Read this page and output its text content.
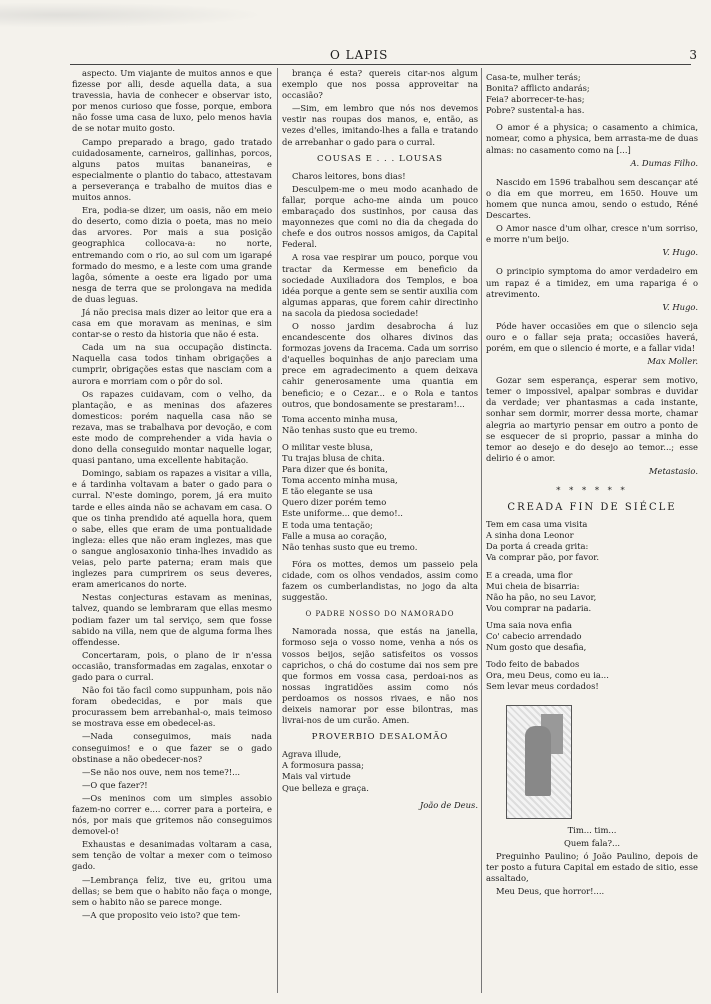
O LAPIS	3

aspecto. Um viajante de muitos annos e que fizesse por alli, desde aquella data, a sua travessia, havia de conhecer e observar isto, por menos curioso que fosse, porque, embora não fosse uma casa de luxo, pelo menos havia de se notar muito gosto.

Campo preparado a brago, gado tratado cuidadosamente, carneiros, gallinhas, porcos, alguns patos muitas bananeiras, e especialmente o plantio do tabaco, attestavam a perseverança e trabalho de muitos dias e muitos annos.

Era, podia-se dizer, um oasis, não em meio do deserto, como dizia o poeta, mas no meio das arvores. Por mais a sua posição geographica collocava-a: no norte, entremando com o rio, ao sul com um igarapé formado do mesmo, e a leste com uma grande lagôa, sómente a oeste era ligado por uma nesga de terra que se prolongava na medida de duas leguas.

Já não precisa mais dizer ao leitor que era a casa em que moravam as meninas, e sim contar-se o resto da historia que não é esta.

Cada um na sua occupação distincta. Naquella casa todos tinham obrigações a cumprir, obrigações estas que nasciam com a aurora e morriam com o pôr do sol.

Os rapazes cuidavam, com o velho, da plantação, e as meninas dos afazeres domesticos: porém naquella casa não se rezava, mas se trabalhava por devoção, e com este modo de comprehender a vida havia o dono della conseguido montar naquelle logar, quasi pantano, uma excellente habitação.

Domingo, sabiam os rapazes a visitar a villa, e á tardinha voltavam a bater o gado para o curral. N'este domingo, porem, já era muito tarde e elles ainda não se achavam em casa. O que os tinha prendido até aquella hora, quem o sabe, elles que eram de uma pontualidade ingleza: elles que não eram inglezes, mas que o sangue anglosaxonio tinha-lhes invadido as veias, pelo parte paterna; eram mais que inglezes para cumprirem os seus deveres, eram americanos do norte.

Nestas conjecturas estavam as meninas, talvez, quando se lembraram que ellas mesmo podiam fazer um tal serviço, sem que fosse sabido na villa, nem que de alguma forma lhes offendesse.

Concertaram, pois, o plano de ir n'essa occasião, transformadas em zagalas, enxotar o gado para o curral.

Não foi tão facil como suppunham, pois não foram obedecidas, e por mais que procurassem bem arrebanhal-o, mais teimoso se mostrava esse em obedecel-as.

—Nada conseguimos, mais nada conseguimos! e o que fazer se o gado obstinase a não obedecer-nos?

—Se não nos ouve, nem nos teme?!...

—O que fazer?!

—Os meninos com um simples assobio fazem-no correr e.... correr para a porteira, e nós, por mais que gritemos não conseguimos demovel-o!

Exhaustas e desanimadas voltaram a casa, sem tenção de voltar a mexer com o teimoso gado.

—Lembrança feliz, tive eu, gritou uma dellas; se bem que o habito não faça o monge, sem o habito não se parece monge.

—A que proposito veio isto? que tem-

brança é esta? quereis citar-nos algum exemplo que nos possa approveitar na occasião?

—Sim, em lembro que nós nos devemos vestir nas roupas dos manos, e, então, as vezes d'elles, imitando-lhes a falla e tratando de arrebanhar o gado para o curral.

COUSAS E . . . LOUSAS

Charos leitores, bons dias!

Desculpem-me o meu modo acanhado de fallar, porque acho-me ainda um pouco embaraçado dos sustinhos, por causa das mayonnezes que comi no dia da chegada do chefe e dos outros nossos amigos, da Capital Federal.

A rosa vae respirar um pouco, porque vou tractar da Kermesse em beneficio da sociedade Auxiliadora dos Templos, e boa idéa porque a gente sem se sentir auxilia com algumas apparas, que forem cahir directinho na sacola da piedosa sociedade!

O nosso jardim desabrocha á luz encandescente dos olhares divinos das formozas jovens da Iracema. Cada um sorriso d'aquelles boquinhas de anjo pareciam uma prece em agradecimento a quem deixava cahir generosamente uma quantia em beneficio; e o Cezar... e o Rola e tantos outros, que bondosamente se prestaram!...

Toma accento minha musa,
Não tenhas susto que eu tremo.
O militar veste blusa,
Tu trajas blusa de chita.
Para dizer que és bonita,
Toma accento minha musa,
E tão elegante se usa
Quero dizer porém temo
Este uniforme... que demo!..
E toda uma tentação;
Falle a musa ao coração,
Não tenhas susto que eu tremo.

Fóra os mottes, demos um passeio pela cidade, com os olhos vendados, assim como fazem os cumberlandistas, no jogo da alta suggestão.

O PADRE NOSSO DO NAMORADO

Namorada nossa, que estás na janella, formoso seja o vosso nome, venha a nós os vossos beijos, sejão satisfeitos os vossos caprichos, o chá do costume dai nos sem pre que formos em vossa casa, perdoai-nos as nossas ingratidões assim como nós perdoamos os nossos rivaes, e não nos deixeis namorar por esse bilontras, mas livrai-nos de um curão. Amen.

PROVERBIO DESALOMÃO
Agrava illude,
A formosura passa;
Mais val virtude
Que belleza e graça.
João de Deus.
Casa-te, mulher terás;
Bonita? afflicto andarás;
Feia? aborrecer-te-has;
Pobre? sustental-a has.

O amor é a physica; o casamento a chimica, nomear, como a physica, bem arrasta-me de duas almas: no casamento como na [...]

A. Dumas Filho.

Nascido em 1596 trabalhou sem descançar até o dia em que morreu, em 1650. Houve um homem que nunca amou, sendo o estudo, Réné Descartes.

O Amor nasce d'um olhar, cresce n'um sorriso, e morre n'um beijo.

V. Hugo.

O principio symptoma do amor verdadeiro em um rapaz é a timidez, em uma rapariga é o atrevimento.

V. Hugo.

Póde haver occasiões em que o silencio seja ouro e o fallar seja prata; occasiões haverá, porém, em que o silencio é morte, e a fallar vida!

Max Moller.

Gozar sem esperança, esperar sem motivo, temer o impossivel, apalpar sombras e duvidar da verdade; ver phantasmas a cada instante, sonhar sem dormir, morrer dessa morte, chamar alegria ao martyrio pensar em outro a ponto de se esquecer de si proprio, passar a minha do temor ao desejo e do desejo ao temor...; esse delirio é o amor.

Metastasio.
* * * * * *
CREADA FIN DE SIÉCLE
Tem em casa uma visita
A sinha dona Leonor
Da porta á creada grita:
Va comprar pão, por favor.
E a creada, uma flor
Mui cheia de bisarria:
Não ha pão, no seu Lavor,
Vou comprar na padaria.
Uma saia nova enfia
Co' cabecio arrendado
Num gosto que desafia,
Todo feito de babados
Ora, meu Deus, como eu ia...
Sem levar meus cordados!

Tim... tim...

Quem fala?...

Preguinho Paulino; ó João Paulino, depois de ter posto a futura Capital em estado de sitio, esse assaltado,

Meu Deus, que horror!....
